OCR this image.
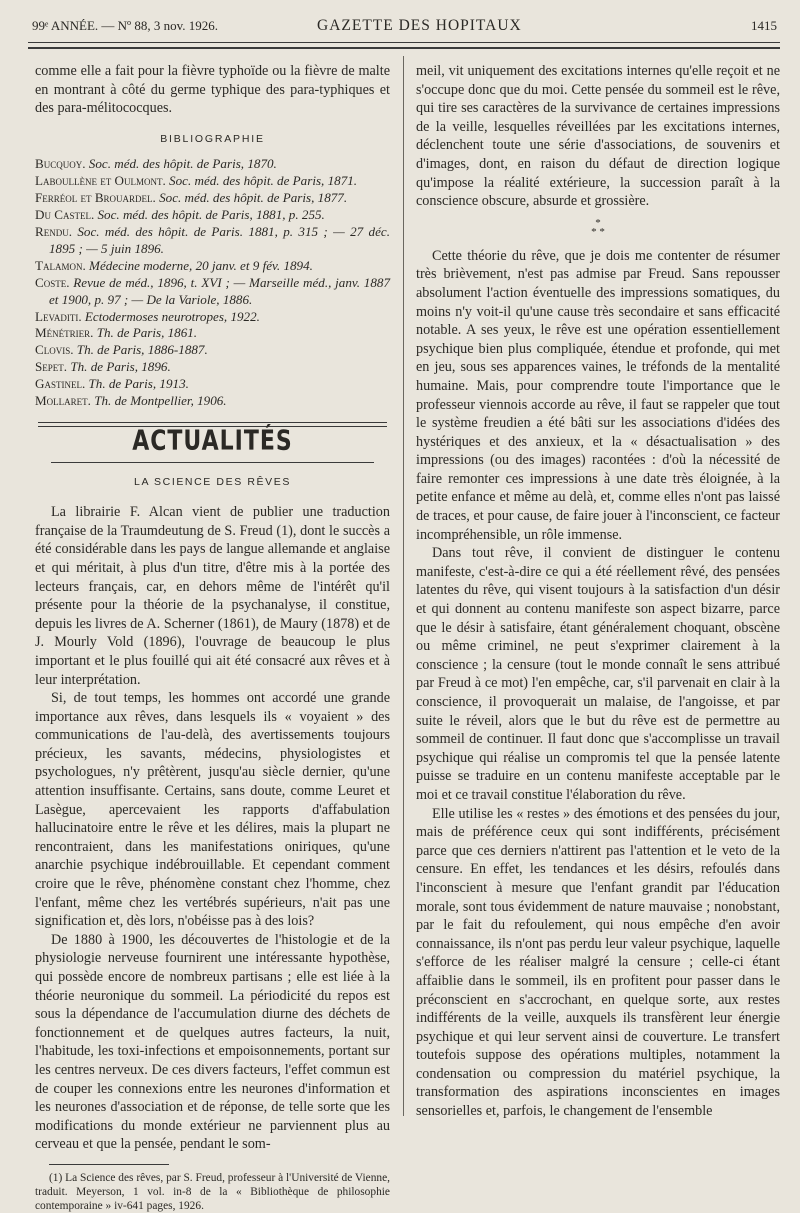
99ᵉ ANNÉE. — Nº 88, 3 nov. 1926.	GAZETTE DES HOPITAUX	1415

comme elle a fait pour la fièvre typhoïde ou la fièvre de malte en montrant à côté du germe typhique des para-typhiques et des para-mélitococques.

BIBLIOGRAPHIE
Bucquoy. Soc. méd. des hôpit. de Paris, 1870.
Laboullène et Oulmont. Soc. méd. des hôpit. de Paris, 1871.
Ferréol et Brouardel. Soc. méd. des hôpit. de Paris, 1877.
Du Castel. Soc. méd. des hôpit. de Paris, 1881, p. 255.
Rendu. Soc. méd. des hôpit. de Paris. 1881, p. 315 ; — 27 déc. 1895 ; — 5 juin 1896.
Talamon. Médecine moderne, 20 janv. et 9 fév. 1894.
Coste. Revue de méd., 1896, t. XVI ; — Marseille méd., janv. 1887 et 1900, p. 97 ; — De la Variole, 1886.
Levaditi. Ectodermoses neurotropes, 1922.
Ménétrier. Th. de Paris, 1861.
Clovis. Th. de Paris, 1886-1887.
Sepet. Th. de Paris, 1896.
Gastinel. Th. de Paris, 1913.
Mollaret. Th. de Montpellier, 1906.
ACTUALITÉS
LA SCIENCE DES RÊVES

La librairie F. Alcan vient de publier une traduction française de la Traumdeutung de S. Freud (1), dont le succès a été considérable dans les pays de langue allemande et anglaise et qui méritait, à plus d'un titre, d'être mis à la portée des lecteurs français, car, en dehors même de l'intérêt qu'il présente pour la théorie de la psychanalyse, il constitue, depuis les livres de A. Scherner (1861), de Maury (1878) et de J. Mourly Vold (1896), l'ouvrage de beaucoup le plus important et le plus fouillé qui ait été consacré aux rêves et à leur interprétation.

Si, de tout temps, les hommes ont accordé une grande importance aux rêves, dans lesquels ils « voyaient » des communications de l'au-delà, des avertissements toujours précieux, les savants, médecins, physiologistes et psychologues, n'y prêtèrent, jusqu'au siècle dernier, qu'une attention insuffisante. Certains, sans doute, comme Leuret et Lasègue, apercevaient les rapports d'affabulation hallucinatoire entre le rêve et les délires, mais la plupart ne rencontraient, dans les manifestations oniriques, qu'une anarchie psychique indébrouillable. Et cependant comment croire que le rêve, phénomène constant chez l'homme, chez l'enfant, même chez les vertébrés supérieurs, n'ait pas une signification et, dès lors, n'obéisse pas à des lois?

De 1880 à 1900, les découvertes de l'histologie et de la physiologie nerveuse fournirent une intéressante hypothèse, qui possède encore de nombreux partisans ; elle est liée à la théorie neuronique du sommeil. La périodicité du repos est sous la dépendance de l'accumulation diurne des déchets de fonctionnement et de quelques autres facteurs, la nuit, l'habitude, les toxi-infections et empoisonnements, portant sur les centres nerveux. De ces divers facteurs, l'effet commun est de couper les connexions entre les neurones d'information et les neurones d'association et de réponse, de telle sorte que les modifications du monde extérieur ne parviennent plus au cerveau et que la pensée, pendant le som-

(1) La Science des rêves, par S. Freud, professeur à l'Université de Vienne, traduit. Meyerson, 1 vol. in-8 de la « Bibliothèque de philosophie contemporaine » iv-641 pages, 1926.

meil, vit uniquement des excitations internes qu'elle reçoit et ne s'occupe donc que du moi. Cette pensée du sommeil est le rêve, qui tire ses caractères de la survivance de certaines impressions de la veille, lesquelles réveillées par les excitations internes, déclenchent toute une série d'associations, de souvenirs et d'images, dont, en raison du défaut de direction logique qu'impose la réalité extérieure, la succession paraît à la conscience obscure, absurde et grossière.

*
* *

Cette théorie du rêve, que je dois me contenter de résumer très brièvement, n'est pas admise par Freud. Sans repousser absolument l'action éventuelle des impressions somatiques, du moins n'y voit-il qu'une cause très secondaire et sans efficacité notable. A ses yeux, le rêve est une opération essentiellement psychique bien plus compliquée, étendue et profonde, qui met en jeu, sous ses apparences vaines, le tréfonds de la mentalité humaine. Mais, pour comprendre toute l'importance que le professeur viennois accorde au rêve, il faut se rappeler que tout le système freudien a été bâti sur les associations d'idées des hystériques et des anxieux, et la « désactualisation » des impressions (ou des images) racontées : d'où la nécessité de faire remonter ces impressions à une date très éloignée, à la petite enfance et même au delà, et, comme elles n'ont pas laissé de traces, et pour cause, de faire jouer à l'inconscient, ce facteur incompréhensible, un rôle immense.

Dans tout rêve, il convient de distinguer le contenu manifeste, c'est-à-dire ce qui a été réellement rêvé, des pensées latentes du rêve, qui visent toujours à la satisfaction d'un désir et qui donnent au contenu manifeste son aspect bizarre, parce que le désir à satisfaire, étant généralement choquant, obscène ou même criminel, ne peut s'exprimer clairement à la conscience ; la censure (tout le monde connaît le sens attribué par Freud à ce mot) l'en empêche, car, s'il parvenait en clair à la conscience, il provoquerait un malaise, de l'angoisse, et par suite le réveil, alors que le but du rêve est de permettre au sommeil de continuer. Il faut donc que s'accomplisse un travail psychique qui réalise un compromis tel que la pensée latente puisse se traduire en un contenu manifeste acceptable par le moi et ce travail constitue l'élaboration du rêve.

Elle utilise les « restes » des émotions et des pensées du jour, mais de préférence ceux qui sont indifférents, précisément parce que ces derniers n'attirent pas l'attention et le veto de la censure. En effet, les tendances et les désirs, refoulés dans l'inconscient à mesure que l'enfant grandit par l'éducation morale, sont tous évidemment de nature mauvaise ; nonobstant, par le fait du refoulement, qui nous empêche d'en avoir connaissance, ils n'ont pas perdu leur valeur psychique, laquelle s'efforce de les réaliser malgré la censure ; celle-ci étant affaiblie dans le sommeil, ils en profitent pour passer dans le préconscient en s'accrochant, en quelque sorte, aux restes indifférents de la veille, auxquels ils transfèrent leur énergie psychique et qui leur servent ainsi de couverture. Le transfert toutefois suppose des opérations multiples, notamment la condensation ou compression du matériel psychique, la transformation des aspirations inconscientes en images sensorielles et, parfois, le changement de l'ensemble
